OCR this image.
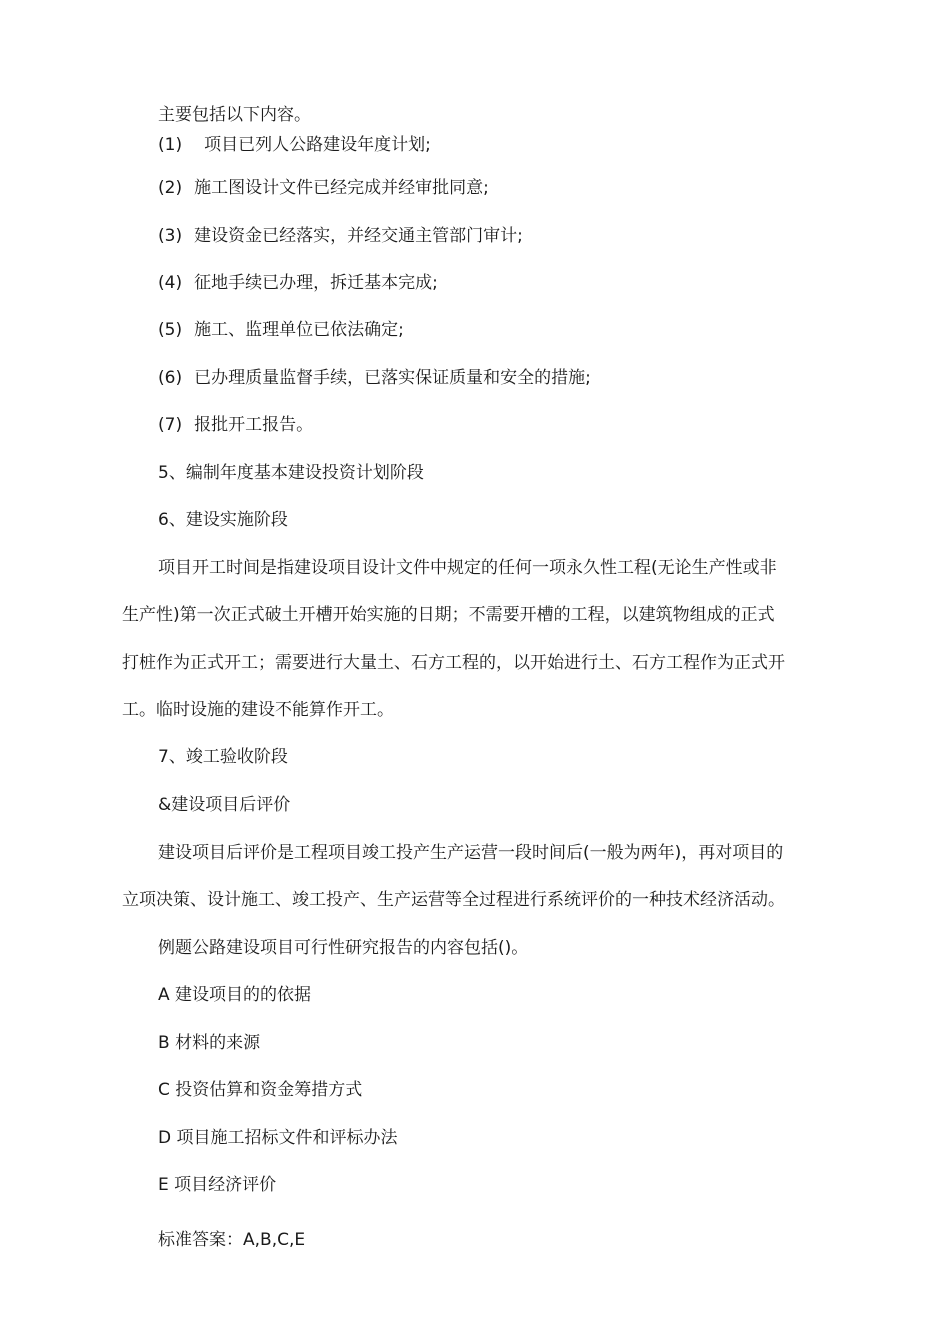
主要包括以下内容。
(1) 项目已列人公路建设年度计划;
(2) 施工图设计文件已经完成并经审批同意;
(3) 建设资金已经落实，并经交通主管部门审计;
(4) 征地手续已办理，拆迁基本完成;
(5) 施工、监理单位已依法确定;
(6) 已办理质量监督手续，已落实保证质量和安全的措施;
(7) 报批开工报告。
5、编制年度基本建设投资计划阶段
6、建设实施阶段
项目开工时间是指建设项目设计文件中规定的任何一项永久性工程(无论生产性或非
生产性)第一次正式破土开槽开始实施的日期；不需要开槽的工程，以建筑物组成的正式
打桩作为正式开工；需要进行大量土、石方工程的，以开始进行土、石方工程作为正式开
工。临时设施的建设不能算作开工。
7、竣工验收阶段
&建设项目后评价
建设项目后评价是工程项目竣工投产生产运营一段时间后(一般为两年)，再对项目的
立项决策、设计施工、竣工投产、生产运营等全过程进行系统评价的一种技术经济活动。
例题公路建设项目可行性研究报告的内容包括()。
A 建设项目的的依据
B 材料的来源
C 投资估算和资金筹措方式
D 项目施工招标文件和评标办法
E 项目经济评价
标准答案：A,B,C,E
